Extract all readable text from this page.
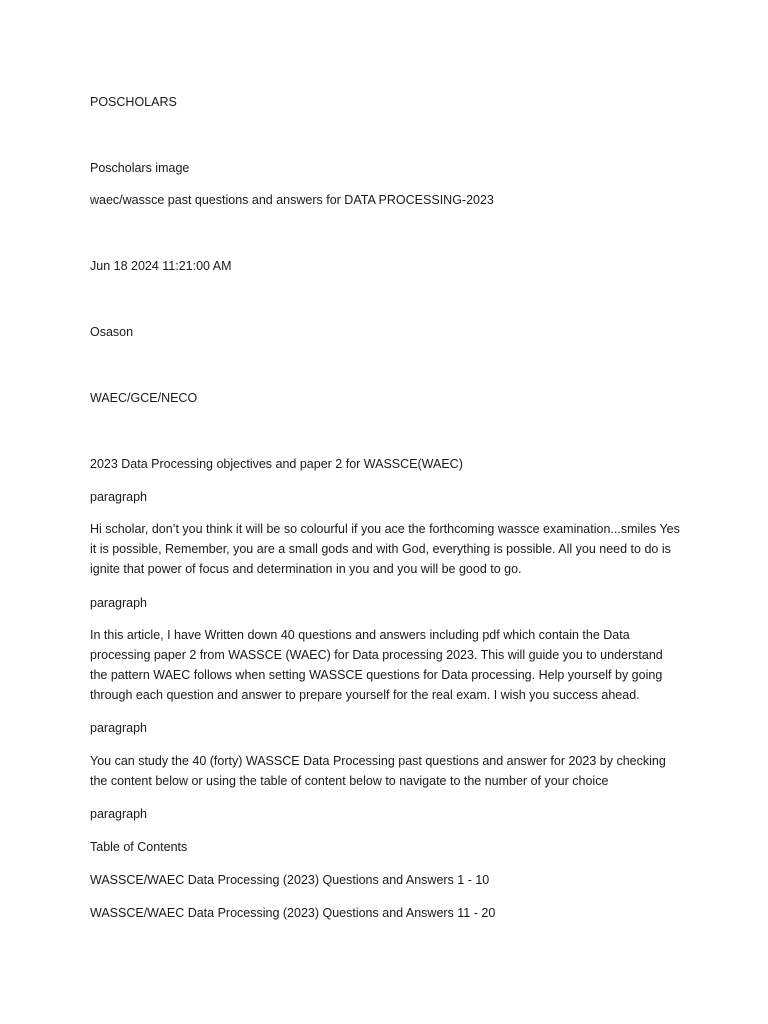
POSCHOLARS
Poscholars image
waec/wassce past questions and answers for DATA PROCESSING-2023
Jun 18 2024 11:21:00 AM
Osason
WAEC/GCE/NECO
2023 Data Processing objectives and paper 2 for WASSCE(WAEC)
paragraph
Hi scholar, don’t you think it will be so colourful if you ace the forthcoming wassce examination...smiles Yes it is possible, Remember, you are a small gods and with God, everything is possible. All you need to do is ignite that power of focus and determination in you and you will be good to go.
paragraph
In this article, I have Written down 40 questions and answers including pdf which contain the Data processing paper 2 from WASSCE (WAEC) for Data processing 2023. This will guide you to understand the pattern WAEC follows when setting WASSCE questions for Data processing. Help yourself by going through each question and answer to prepare yourself for the real exam. I wish you success ahead.
paragraph
You can study the 40 (forty) WASSCE Data Processing past questions and answer for 2023 by checking the content below or using the table of content below to navigate to the number of your choice
paragraph
Table of Contents
WASSCE/WAEC Data Processing (2023) Questions and Answers 1 - 10
WASSCE/WAEC Data Processing (2023) Questions and Answers 11 - 20
